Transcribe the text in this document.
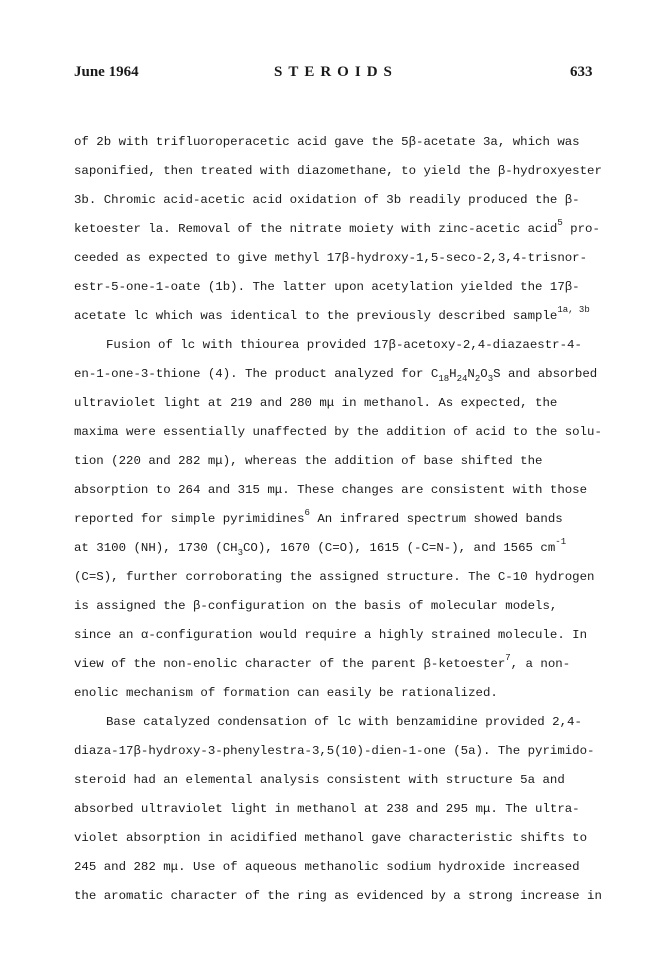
June 1964	STEROIDS	633
of 2b with trifluoroperacetic acid gave the 5β-acetate 3a, which was
saponified, then treated with diazomethane, to yield the β-hydroxyester
3b. Chromic acid-acetic acid oxidation of 3b readily produced the β-
ketoester la. Removal of the nitrate moiety with zinc-acetic acid$^5$ pro-
ceeded as expected to give methyl 17β-hydroxy-1,5-seco-2,3,4-trisnor-
estr-5-one-1-oate (1b). The latter upon acetylation yielded the 17β-
acetate lc which was identical to the previously described sample$^{1a, 3b}$
Fusion of lc with thiourea provided 17β-acetoxy-2,4-diazaestr-4-
en-1-one-3-thione (4). The product analyzed for $C_{18}H_{24}N_2O_3S$ and absorbed
ultraviolet light at 219 and 280 mμ in methanol. As expected, the
maxima were essentially unaffected by the addition of acid to the solu-
tion (220 and 282 mμ), whereas the addition of base shifted the
absorption to 264 and 315 mμ. These changes are consistent with those
reported for simple pyrimidines$^6$ An infrared spectrum showed bands
at 3100 (NH), 1730 $(CH_3CO)$, 1670 (C=O), 1615 (-C=N-), and 1565 $cm^{-1}$
(C=S), further corroborating the assigned structure. The C-10 hydrogen
is assigned the β-configuration on the basis of molecular models,
since an α-configuration would require a highly strained molecule. In
view of the non-enolic character of the parent β-ketoester$^7$, a non-
enolic mechanism of formation can easily be rationalized.
Base catalyzed condensation of lc with benzamidine provided 2,4-
diaza-17β-hydroxy-3-phenylestra-3,5(10)-dien-1-one (5a). The pyrimido-
steroid had an elemental analysis consistent with structure 5a and
absorbed ultraviolet light in methanol at 238 and 295 mμ. The ultra-
violet absorption in acidified methanol gave characteristic shifts to
245 and 282 mμ. Use of aqueous methanolic sodium hydroxide increased
the aromatic character of the ring as evidenced by a strong increase in
